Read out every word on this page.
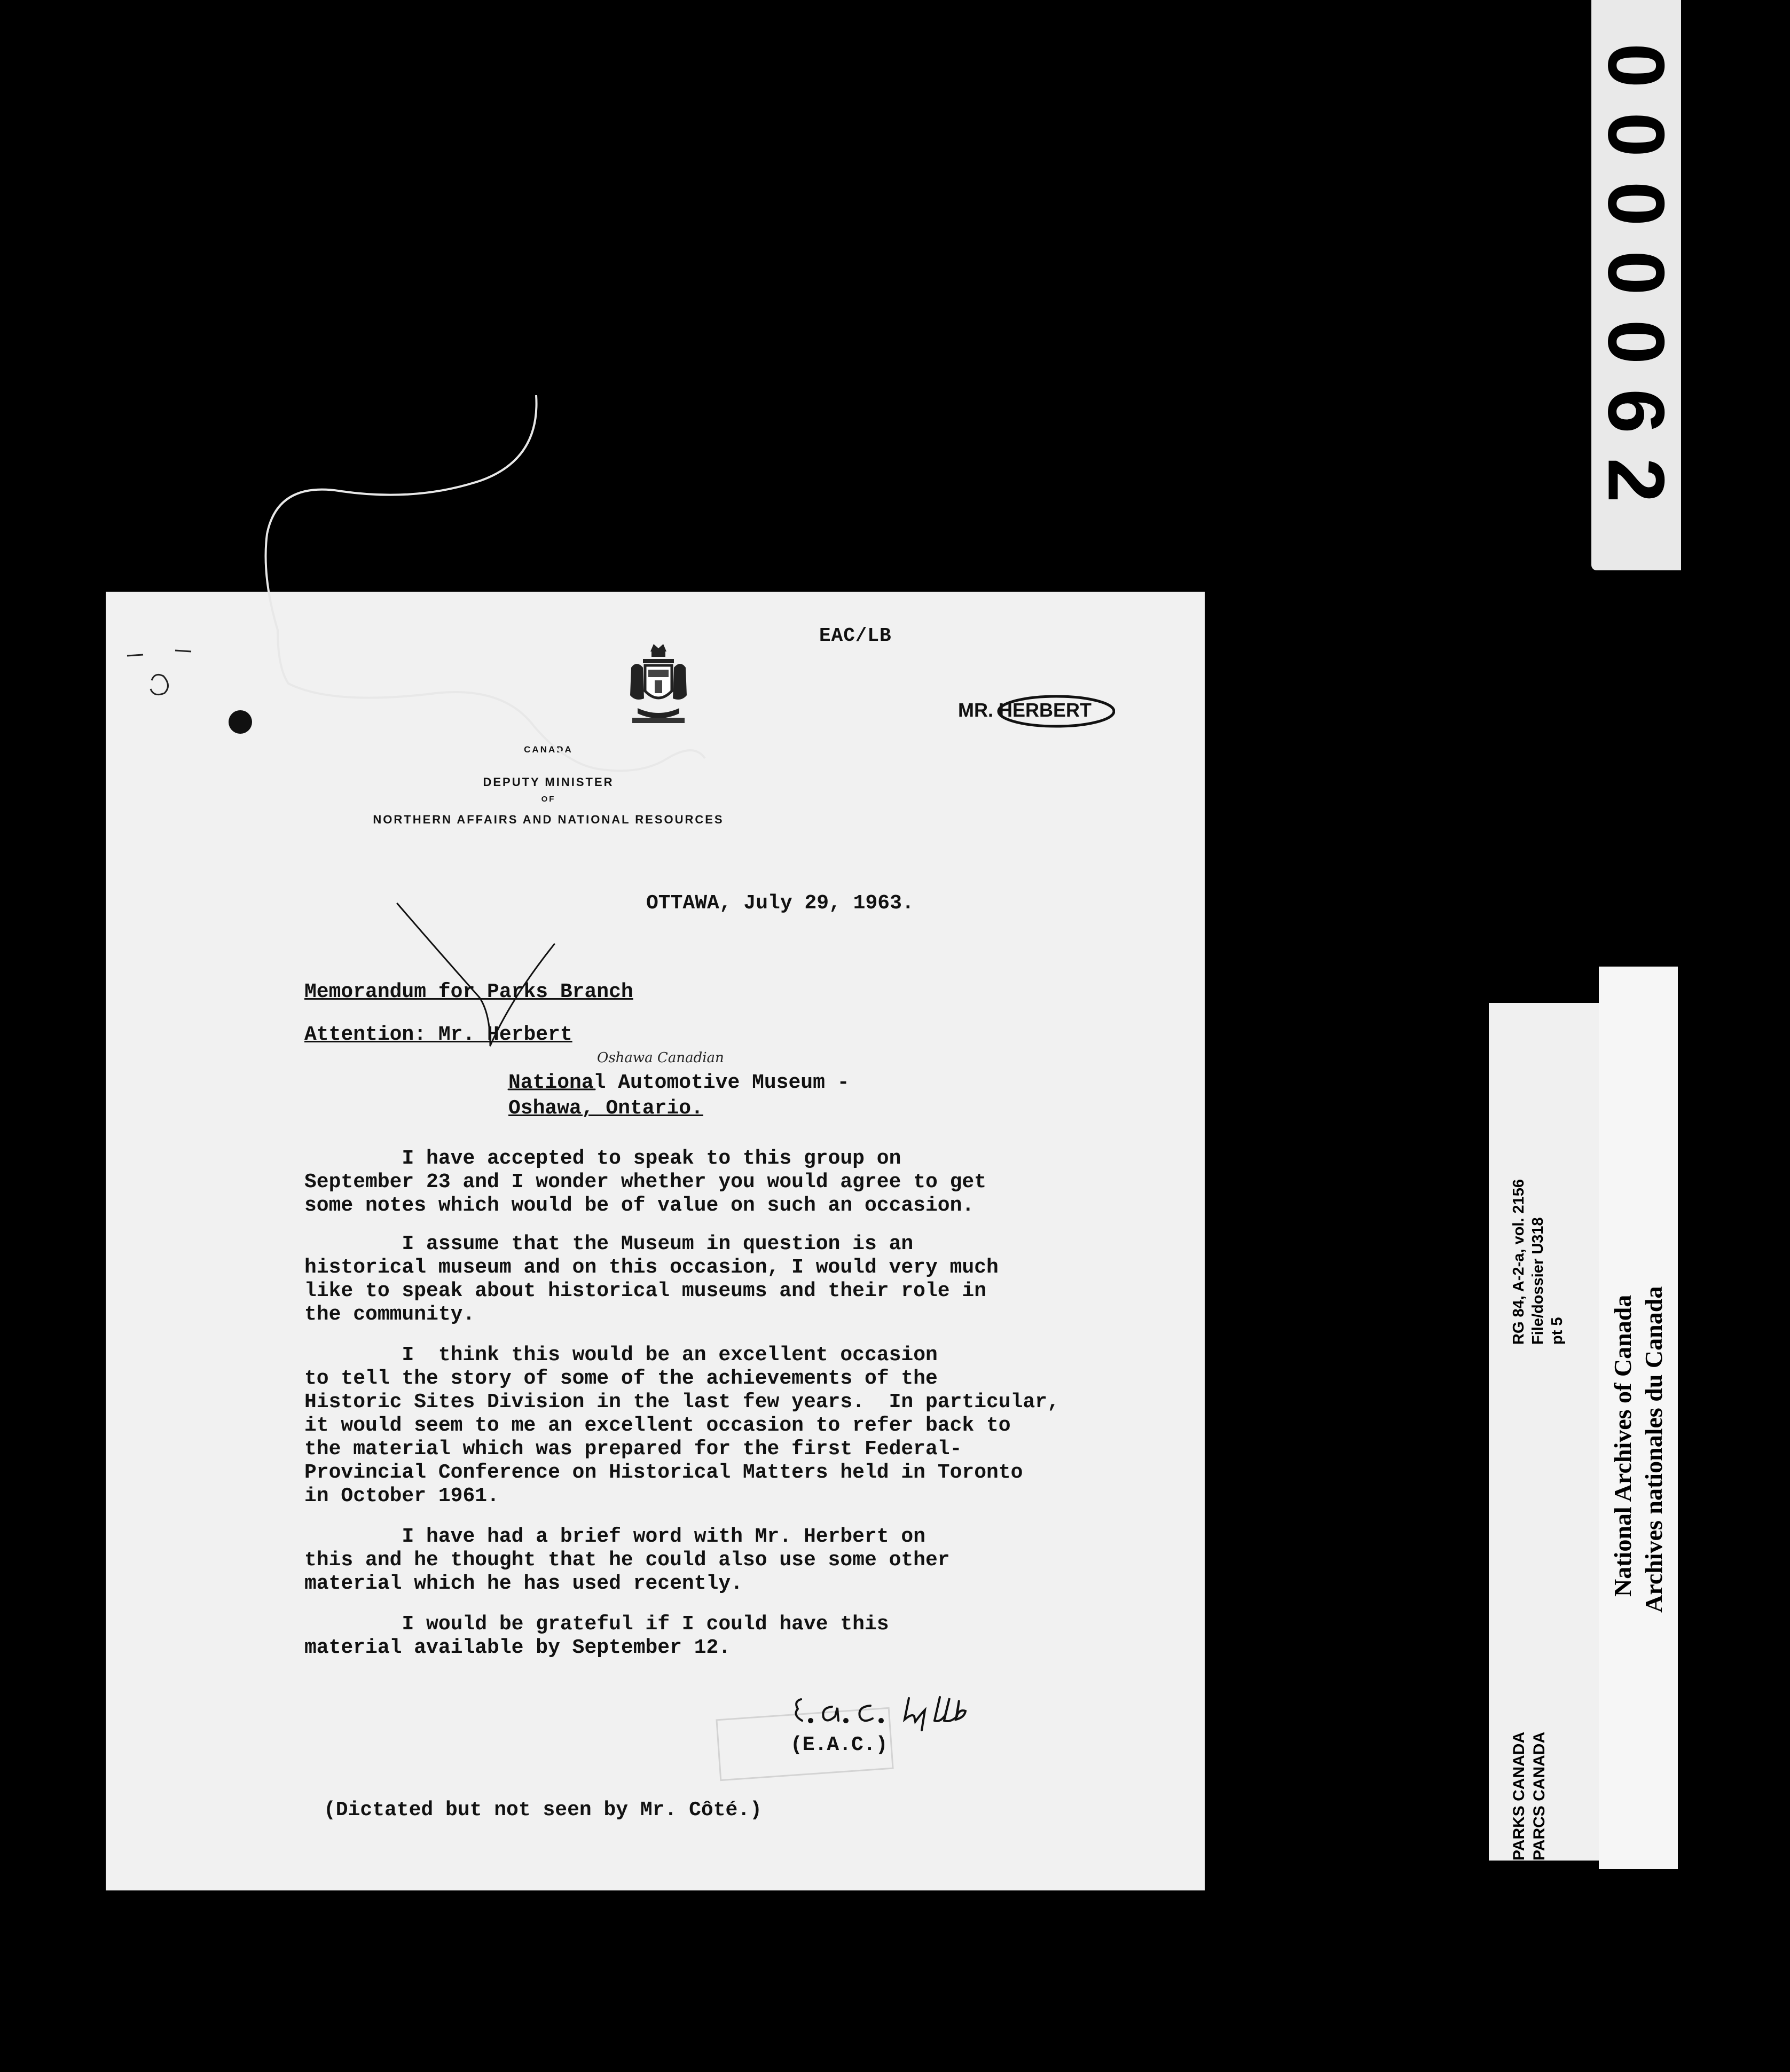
0000062
EAC/LB
CANADA
DEPUTY MINISTER
OF
NORTHERN AFFAIRS AND NATIONAL RESOURCES
MR. HERBERT
OTTAWA, July 29, 1963.
Memorandum for Parks Branch
Attention: Mr. Herbert
Oshawa Canadian
National Automotive Museum -
Oshawa, Ontario.

I have accepted to speak to this group on
September 23 and I wonder whether you would agree to get
some notes which would be of value on such an occasion.

I assume that the Museum in question is an
historical museum and on this occasion, I would very much
like to speak about historical museums and their role in
the community.

I  think this would be an excellent occasion
to tell the story of some of the achievements of the
Historic Sites Division in the last few years.  In particular,
it would seem to me an excellent occasion to refer back to
the material which was prepared for the first Federal-
Provincial Conference on Historical Matters held in Toronto
in October 1961.

I have had a brief word with Mr. Herbert on
this and he thought that he could also use some other
material which he has used recently.

I would be grateful if I could have this
material available by September 12.

(E.A.C.)
(Dictated but not seen by Mr. Côté.)
RG 84, A-2-a, vol. 2156 File/dossier U318 pt 5
PARKS CANADA PARCS CANADA
National Archives of Canada Archives nationales du Canada
